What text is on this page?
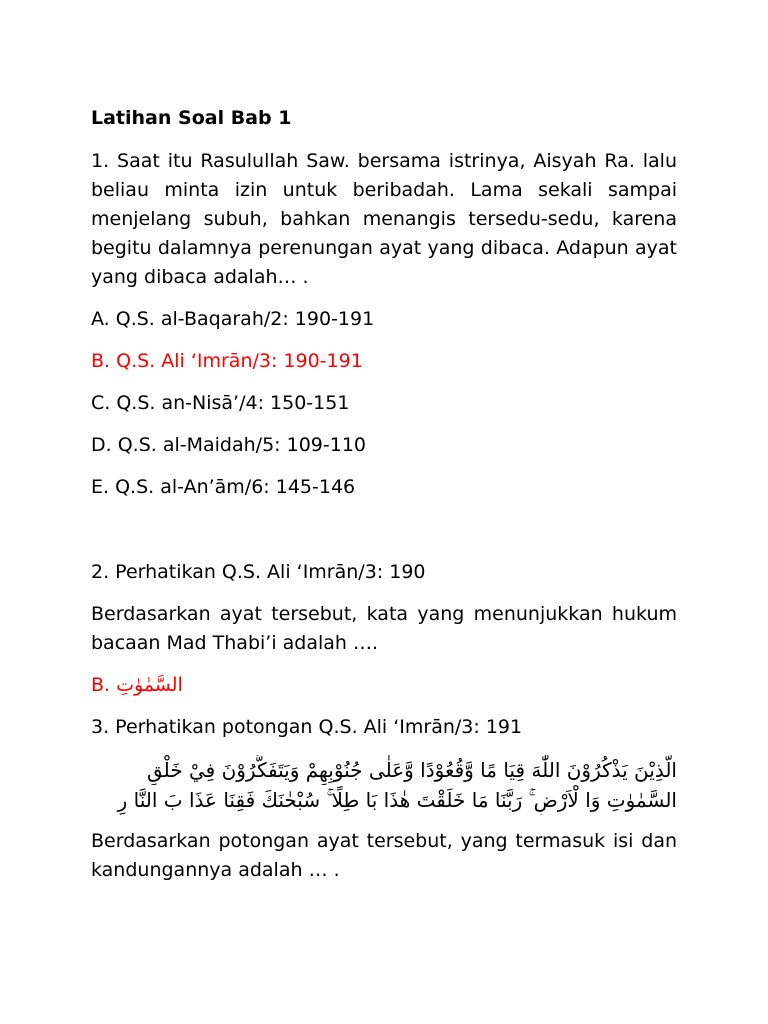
Latihan Soal Bab 1
1. Saat itu Rasulullah Saw. bersama istrinya, Aisyah Ra. lalu beliau minta izin untuk beribadah. Lama sekali sampai menjelang subuh, bahkan menangis tersedu-sedu, karena begitu dalamnya perenungan ayat yang dibaca. Adapun ayat yang dibaca adalah… .
A. Q.S. al-Baqarah/2: 190-191
B. Q.S. Ali ‘Imrān/3: 190-191
C. Q.S. an-Nisā’/4: 150-151
D. Q.S. al-Maidah/5: 109-110
E. Q.S. al-An’ām/6: 145-146
2. Perhatikan Q.S. Ali ‘Imrān/3: 190
Berdasarkan ayat tersebut, kata yang menunjukkan hukum bacaan Mad Thabi’i adalah ….
B. السَّمٰوٰتِ
3. Perhatikan potongan Q.S. Ali ‘Imrān/3: 191
الَّذِيْنَ يَذْكُرُوْنَ اللّٰهَ قِيَا مًا وَّقُعُوْدًا وَّعَلٰى جُنُوْبِهِمْ وَيَتَفَكَّرُوْنَ فِيْ خَلْقِ
السَّمٰوٰتِ وَا لْاَرْضِ ۚ رَبَّنَا مَا خَلَقْتَ هٰذَا بَا طِلًا ۚ سُبْحٰنَكَ فَقِنَا عَذَا بَ النَّا رِ
Berdasarkan potongan ayat tersebut, yang termasuk isi dan kandungannya adalah … .
